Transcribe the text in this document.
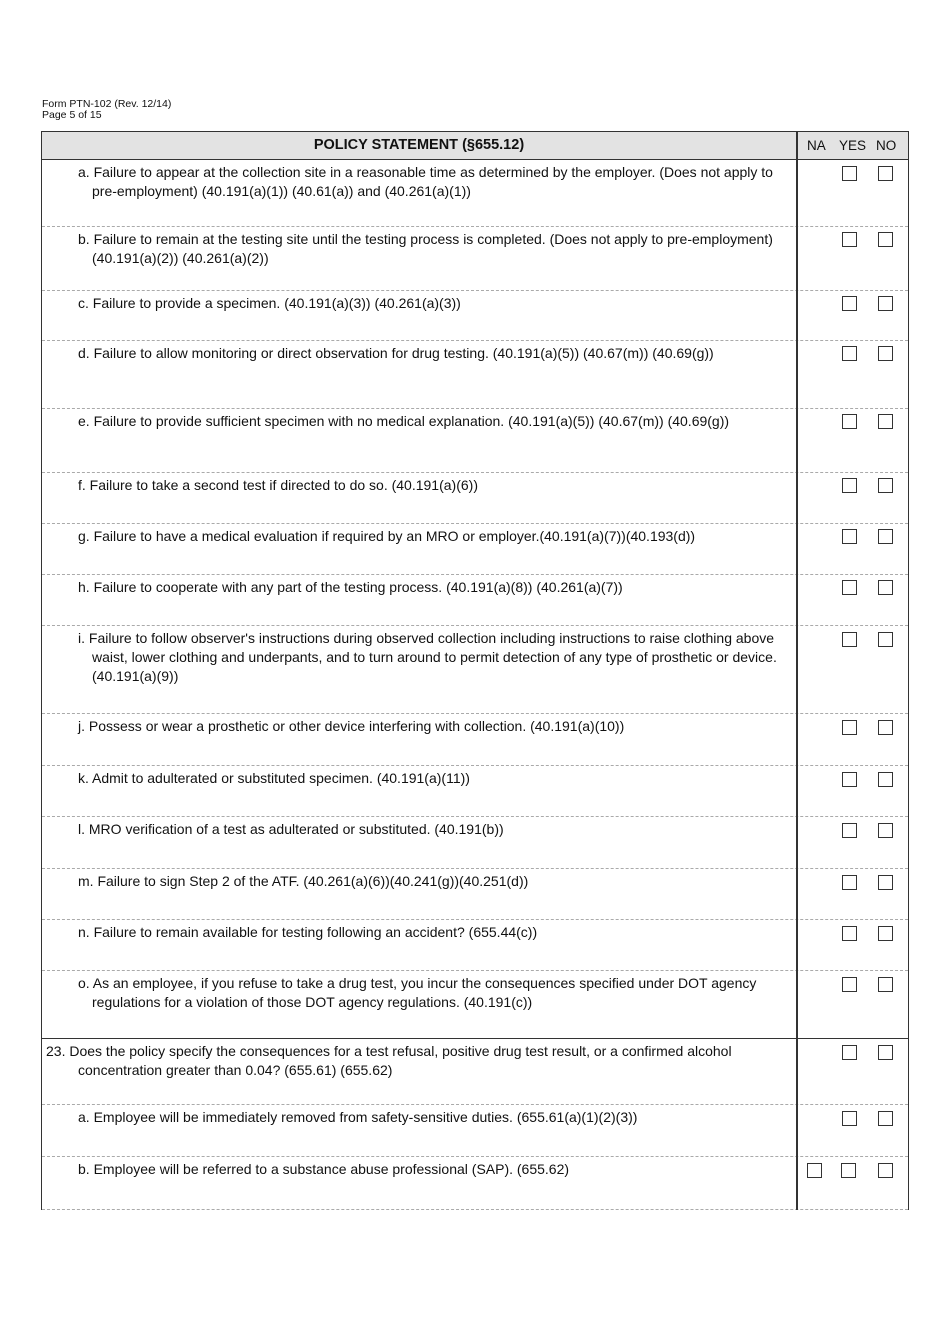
Form PTN-102 (Rev. 12/14)
Page 5 of 15
POLICY STATEMENT (§655.12)	NA YES NO
a. Failure to appear at the collection site in a reasonable time as determined by the employer. (Does not apply to pre-employment) (40.191(a)(1)) (40.61(a)) and (40.261(a)(1))
b. Failure to remain at the testing site until the testing process is completed. (Does not apply to pre-employment) (40.191(a)(2)) (40.261(a)(2))
c. Failure to provide a specimen. (40.191(a)(3)) (40.261(a)(3))
d. Failure to allow monitoring or direct observation for drug testing. (40.191(a)(5)) (40.67(m)) (40.69(g))
e. Failure to provide sufficient specimen with no medical explanation. (40.191(a)(5)) (40.67(m)) (40.69(g))
f. Failure to take a second test if directed to do so. (40.191(a)(6))
g. Failure to have a medical evaluation if required by an MRO or employer.(40.191(a)(7))(40.193(d))
h. Failure to cooperate with any part of the testing process. (40.191(a)(8)) (40.261(a)(7))
i. Failure to follow observer's instructions during observed collection including instructions to raise clothing above waist, lower clothing and underpants, and to turn around to permit detection of any type of prosthetic or device. (40.191(a)(9))
j. Possess or wear a prosthetic or other device interfering with collection. (40.191(a)(10))
k. Admit to adulterated or substituted specimen. (40.191(a)(11))
l. MRO verification of a test as adulterated or substituted. (40.191(b))
m. Failure to sign Step 2 of the ATF. (40.261(a)(6))(40.241(g))(40.251(d))
n. Failure to remain available for testing following an accident? (655.44(c))
o. As an employee, if you refuse to take a drug test, you incur the consequences specified under DOT agency regulations for a violation of those DOT agency regulations. (40.191(c))
23. Does the policy specify the consequences for a test refusal, positive drug test result, or a confirmed alcohol concentration greater than 0.04? (655.61) (655.62)
a. Employee will be immediately removed from safety-sensitive duties. (655.61(a)(1)(2)(3))
b. Employee will be referred to a substance abuse professional (SAP). (655.62)
